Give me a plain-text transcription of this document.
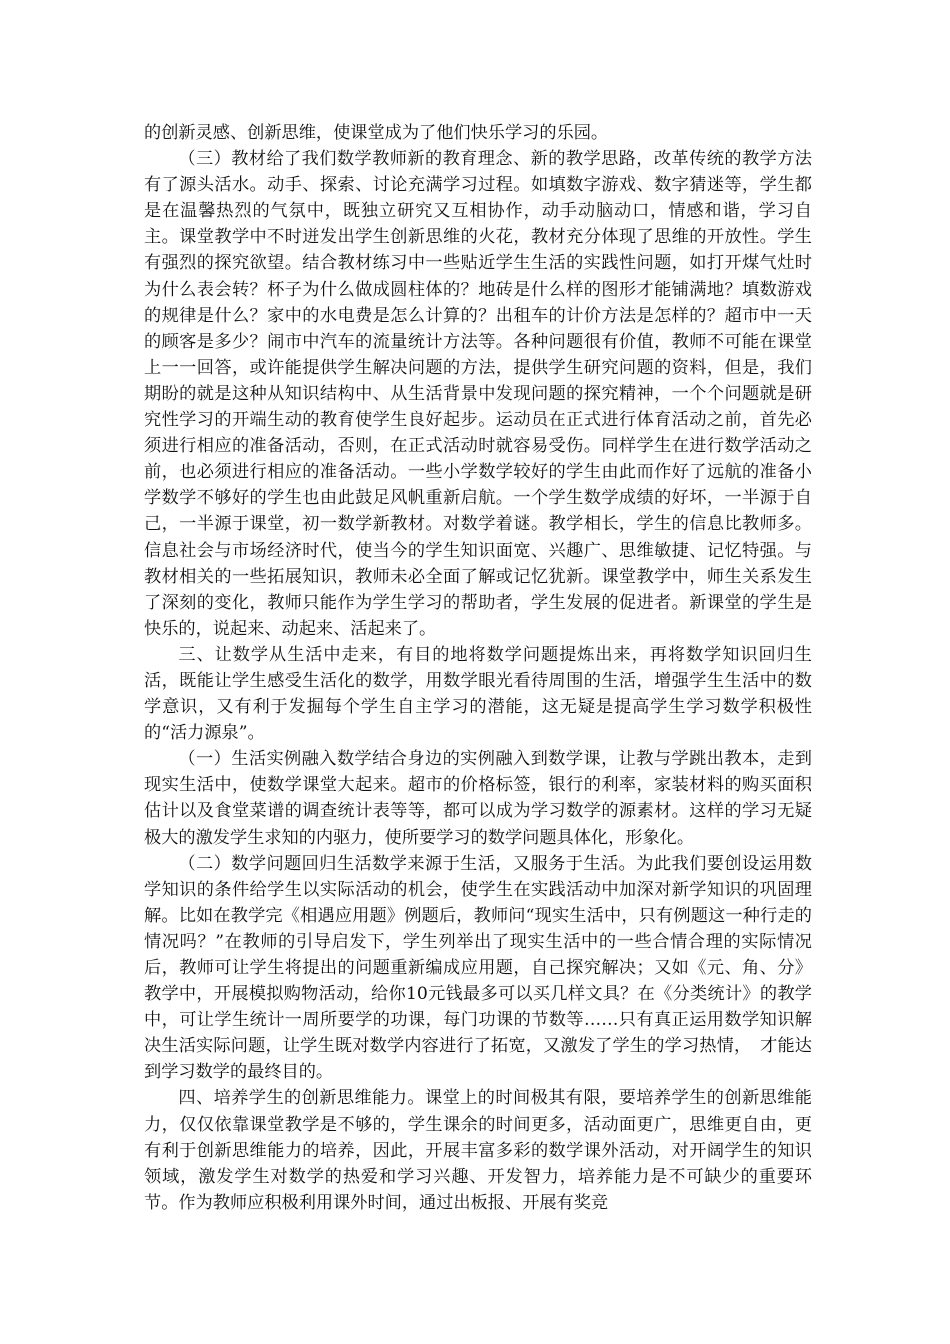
的创新灵感、创新思维，使课堂成为了他们快乐学习的乐园。

（三）教材给了我们数学教师新的教育理念、新的教学思路，改革传统的教学方法有了源头活水。动手、探索、讨论充满学习过程。如填数字游戏、数字猜迷等，学生都是在温馨热烈的气氛中，既独立研究又互相协作，动手动脑动口，情感和谐，学习自主。课堂教学中不时迸发出学生创新思维的火花，教材充分体现了思维的开放性。学生有强烈的探究欲望。结合教材练习中一些贴近学生生活的实践性问题，如打开煤气灶时为什么表会转？杯子为什么做成圆柱体的？地砖是什么样的图形才能铺满地？填数游戏的规律是什么？家中的水电费是怎么计算的？出租车的计价方法是怎样的？超市中一天的顾客是多少？闹市中汽车的流量统计方法等。各种问题很有价值，教师不可能在课堂上一一回答，或许能提供学生解决问题的方法，提供学生研究问题的资料，但是，我们期盼的就是这种从知识结构中、从生活背景中发现问题的探究精神，一个个问题就是研究性学习的开端生动的教育使学生良好起步。运动员在正式进行体育活动之前，首先必须进行相应的准备活动，否则，在正式活动时就容易受伤。同样学生在进行数学活动之前，也必须进行相应的准备活动。一些小学数学较好的学生由此而作好了远航的准备小学数学不够好的学生也由此鼓足风帆重新启航。一个学生数学成绩的好坏，一半源于自己，一半源于课堂，初一数学新教材。对数学着谜。教学相长，学生的信息比教师多。信息社会与市场经济时代，使当今的学生知识面宽、兴趣广、思维敏捷、记忆特强。与教材相关的一些拓展知识，教师未必全面了解或记忆犹新。课堂教学中，师生关系发生了深刻的变化，教师只能作为学生学习的帮助者，学生发展的促进者。新课堂的学生是快乐的，说起来、动起来、活起来了。

三、让数学从生活中走来，有目的地将数学问题提炼出来，再将数学知识回归生活，既能让学生感受生活化的数学，用数学眼光看待周围的生活，增强学生生活中的数学意识，又有利于发掘每个学生自主学习的潜能，这无疑是提高学生学习数学积极性的“活力源泉”。

（一）生活实例融入数学结合身边的实例融入到数学课，让教与学跳出教本，走到现实生活中，使数学课堂大起来。超市的价格标签，银行的利率，家装材料的购买面积估计以及食堂菜谱的调查统计表等等，都可以成为学习数学的源素材。这样的学习无疑极大的激发学生求知的内驱力，使所要学习的数学问题具体化，形象化。

（二）数学问题回归生活数学来源于生活，又服务于生活。为此我们要创设运用数学知识的条件给学生以实际活动的机会，使学生在实践活动中加深对新学知识的巩固理解。比如在教学完《相遇应用题》例题后，教师问“现实生活中，只有例题这一种行走的情况吗？”在教师的引导启发下，学生列举出了现实生活中的一些合情合理的实际情况后，教师可让学生将提出的问题重新编成应用题，自己探究解决；又如《元、角、分》教学中，开展模拟购物活动，给你10元钱最多可以买几样文具？在《分类统计》的教学中，可让学生统计一周所要学的功课，每门功课的节数等……只有真正运用数学知识解决生活实际问题，让学生既对数学内容进行了拓宽，又激发了学生的学习热情，　才能达到学习数学的最终目的。

四、培养学生的创新思维能力。课堂上的时间极其有限，要培养学生的创新思维能力，仅仅依靠课堂教学是不够的，学生课余的时间更多，活动面更广，思维更自由，更有利于创新思维能力的培养，因此，开展丰富多彩的数学课外活动，对开阔学生的知识领域，激发学生对数学的热爱和学习兴趣、开发智力，培养能力是不可缺少的重要环节。作为教师应积极利用课外时间，通过出板报、开展有奖竞
